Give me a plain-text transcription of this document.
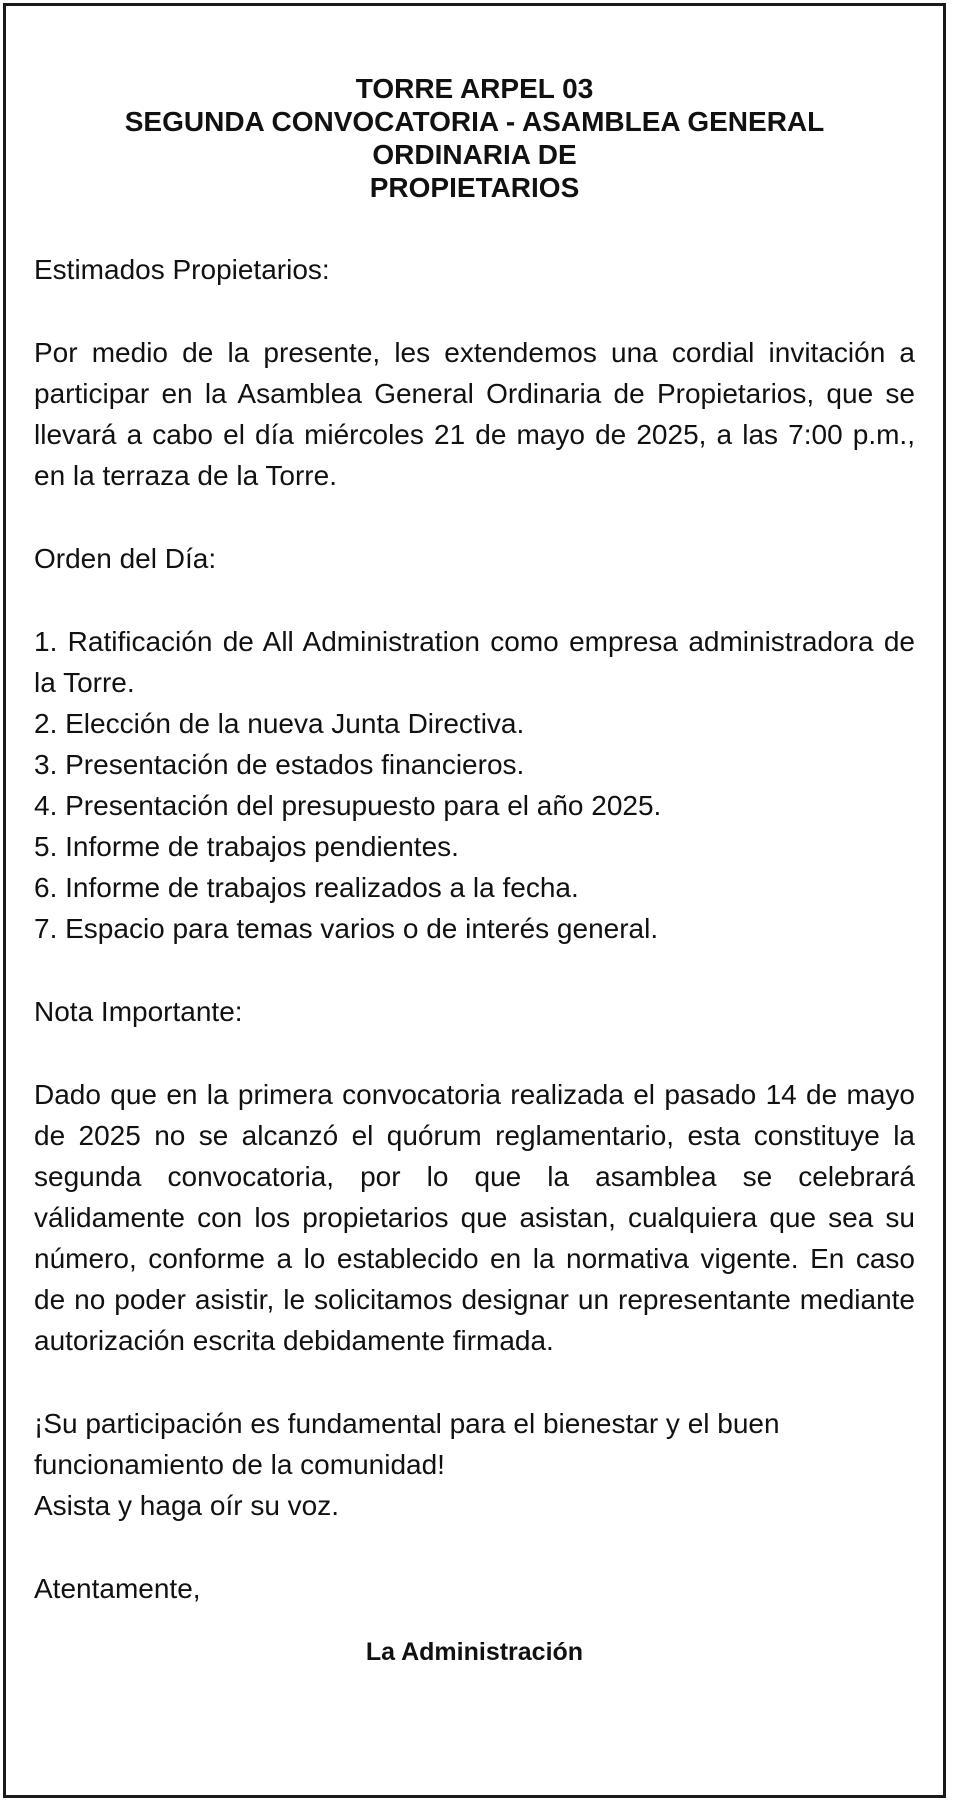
TORRE ARPEL 03
SEGUNDA CONVOCATORIA - ASAMBLEA GENERAL
ORDINARIA DE
PROPIETARIOS

Estimados Propietarios:

Por medio de la presente, les extendemos una cordial invitación a participar en la Asamblea General Ordinaria de Propietarios, que se llevará a cabo el día miércoles 21 de mayo de 2025, a las 7:00 p.m., en la terraza de la Torre.

Orden del Día:

1. Ratificación de All Administration como empresa administradora de la Torre.
2. Elección de la nueva Junta Directiva.
3. Presentación de estados financieros.
4. Presentación del presupuesto para el año 2025.
5. Informe de trabajos pendientes.
6. Informe de trabajos realizados a la fecha.
7. Espacio para temas varios o de interés general.

Nota Importante:

Dado que en la primera convocatoria realizada el pasado 14 de mayo de 2025 no se alcanzó el quórum reglamentario, esta constituye la segunda convocatoria, por lo que la asamblea se celebrará válidamente con los propietarios que asistan, cualquiera que sea su número, conforme a lo establecido en la normativa vigente. En caso de no poder asistir, le solicitamos designar un representante mediante autorización escrita debidamente firmada.

¡Su participación es fundamental para el bienestar y el buen funcionamiento de la comunidad!

Asista y haga oír su voz.

Atentamente,

La Administración
